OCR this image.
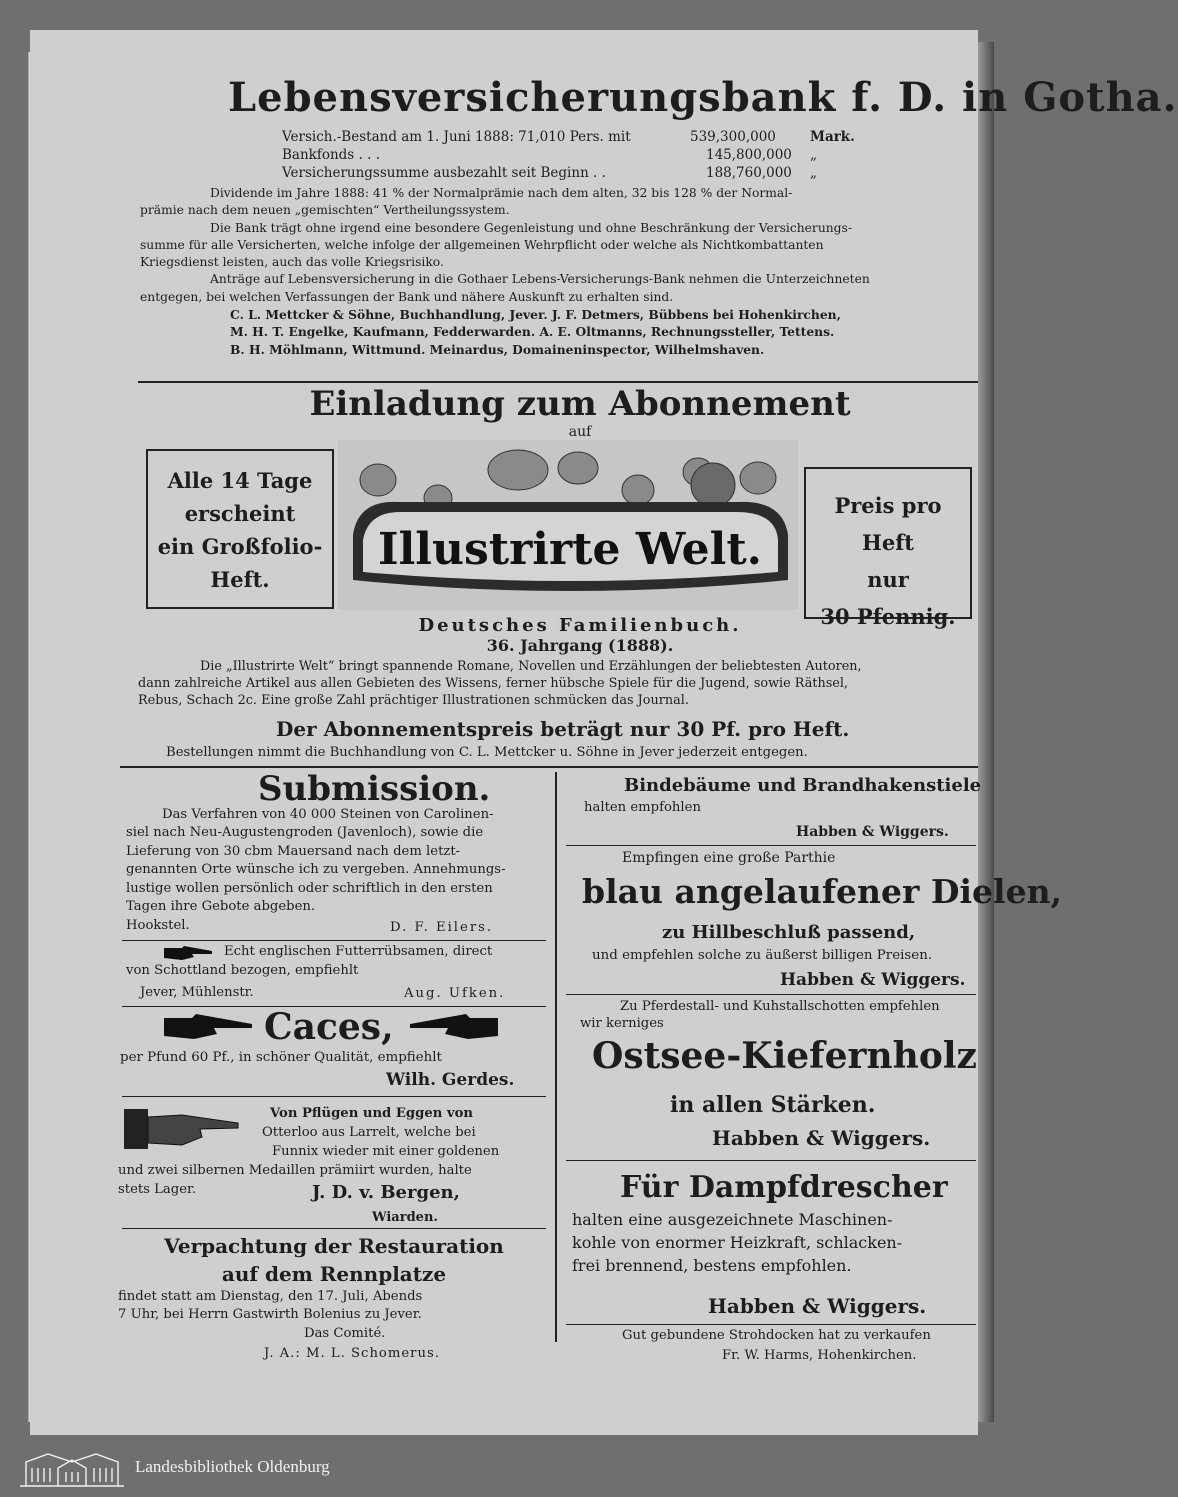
Lebensversicherungsbank f. D. in Gotha.
Versich.-Bestand am 1. Juni 1888: 71,010 Pers. mit	539,300,000	Mark.
Bankfonds . . .	145,800,000 „
Versicherungssumme ausbezahlt seit Beginn . .	188,760,000 „
Dividende im Jahre 1888: 41 % der Normalprämie nach dem alten, 32 bis 128 % der Normal-
prämie nach dem neuen „gemischten“ Vertheilungssystem.
Die Bank trägt ohne irgend eine besondere Gegenleistung und ohne Beschränkung der Versicherungs-
summe für alle Versicherten, welche infolge der allgemeinen Wehrpflicht oder welche als Nichtkombattanten
Kriegsdienst leisten, auch das volle Kriegsrisiko.
Anträge auf Lebensversicherung in die Gothaer Lebens-Versicherungs-Bank nehmen die Unterzeichneten
entgegen, bei welchen Verfassungen der Bank und nähere Auskunft zu erhalten sind.
C. L. Mettcker & Söhne, Buchhandlung, Jever. J. F. Detmers, Bübbens bei Hohenkirchen,
M. H. T. Engelke, Kaufmann, Fedderwarden. A. E. Oltmanns, Rechnungssteller, Tettens.
B. H. Möhlmann, Wittmund. Meinardus, Domaineninspector, Wilhelmshaven.
Einladung zum Abonnement
auf
Alle 14 Tage
erscheint
ein Großfolio-
Heft.
Preis pro Heft
nur
30 Pfennig.
Illustrirte Welt.
Deutsches Familienbuch.
36. Jahrgang (1888).
Die „Illustrirte Welt“ bringt spannende Romane, Novellen und Erzählungen der beliebtesten Autoren,
dann zahlreiche Artikel aus allen Gebieten des Wissens, ferner hübsche Spiele für die Jugend, sowie Räthsel,
Rebus, Schach 2c. Eine große Zahl prächtiger Illustrationen schmücken das Journal.
Der Abonnementspreis beträgt nur 30 Pf. pro Heft.
Bestellungen nimmt die Buchhandlung von C. L. Mettcker u. Söhne in Jever jederzeit entgegen.
Submission.
Das Verfahren von 40 000 Steinen von Carolinen-
siel nach Neu-Augustengroden (Javenloch), sowie die
Lieferung von 30 cbm Mauersand nach dem letzt-
genannten Orte wünsche ich zu vergeben. Annehmungs-
lustige wollen persönlich oder schriftlich in den ersten
Tagen ihre Gebote abgeben.
Hookstel.	D. F. Eilers.
Echt englischen Futterrübsamen, direct
von Schottland bezogen, empfiehlt
Jever, Mühlenstr.	Aug. Ufken.
Caces,
per Pfund 60 Pf., in schöner Qualität, empfiehlt
Wilh. Gerdes.
Von Pflügen und Eggen von
Otterloo aus Larrelt, welche bei
Funnix wieder mit einer goldenen
und zwei silbernen Medaillen prämiirt wurden, halte
stets Lager.	J. D. v. Bergen,
Wiarden.
Verpachtung der Restauration
auf dem Rennplatze
findet statt am Dienstag, den 17. Juli, Abends
7 Uhr, bei Herrn Gastwirth Bolenius zu Jever.
Das Comité.
J. A.: M. L. Schomerus.
Bindebäume und Brandhakenstiele
halten empfohlen
Habben & Wiggers.
Empfingen eine große Parthie
blau angelaufener Dielen,
zu Hillbeschluß passend,
und empfehlen solche zu äußerst billigen Preisen.
Habben & Wiggers.
Zu Pferdestall- und Kuhstallschotten empfehlen
wir kerniges
Ostsee-Kiefernholz
in allen Stärken.
Habben & Wiggers.
Für Dampfdrescher
halten eine ausgezeichnete Maschinen-
kohle von enormer Heizkraft, schlacken-
frei brennend, bestens empfohlen.
Habben & Wiggers.
Gut gebundene Strohdocken hat zu verkaufen
Fr. W. Harms, Hohenkirchen.
Landesbibliothek Oldenburg
